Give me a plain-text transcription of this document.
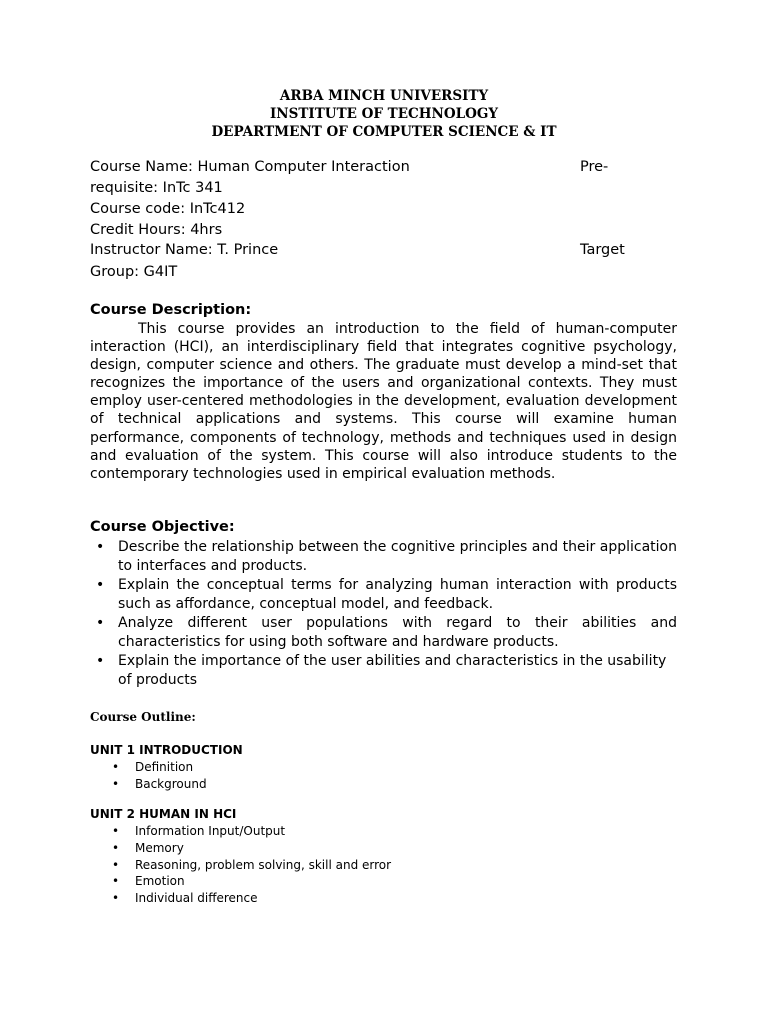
ARBA MINCH UNIVERSITY
INSTITUTE OF TECHNOLOGY
DEPARTMENT OF COMPUTER SCIENCE & IT
Course Name: Human Computer Interaction	Pre-
requisite: InTc 341
Course code: InTc412
Credit Hours: 4hrs
Instructor Name: T. Prince	Target
Group: G4IT
Course Description:

This course provides an introduction to the field of human-computer interaction (HCI), an interdisciplinary field that integrates cognitive psychology, design, computer science and others. The graduate must develop a mind-set that recognizes the importance of the users and organizational contexts. They must employ user-centered methodologies in the development, evaluation development of technical applications and systems. This course will examine human performance, components of technology, methods and techniques used in design and evaluation of the system. This course will also introduce students to the contemporary technologies used in empirical evaluation methods.

Course Objective:
• Describe the relationship between the cognitive principles and their application to interfaces and products.
• Explain the conceptual terms for analyzing human interaction with products such as affordance, conceptual model, and feedback.
• Analyze different user populations with regard to their abilities and characteristics for using both software and hardware products.
• Explain the importance of the user abilities and characteristics in the usability of products
Course Outline:
UNIT 1 INTRODUCTION
• Definition
• Background
UNIT 2 HUMAN IN HCI
• Information Input/Output
• Memory
• Reasoning, problem solving, skill and error
• Emotion
• Individual difference
